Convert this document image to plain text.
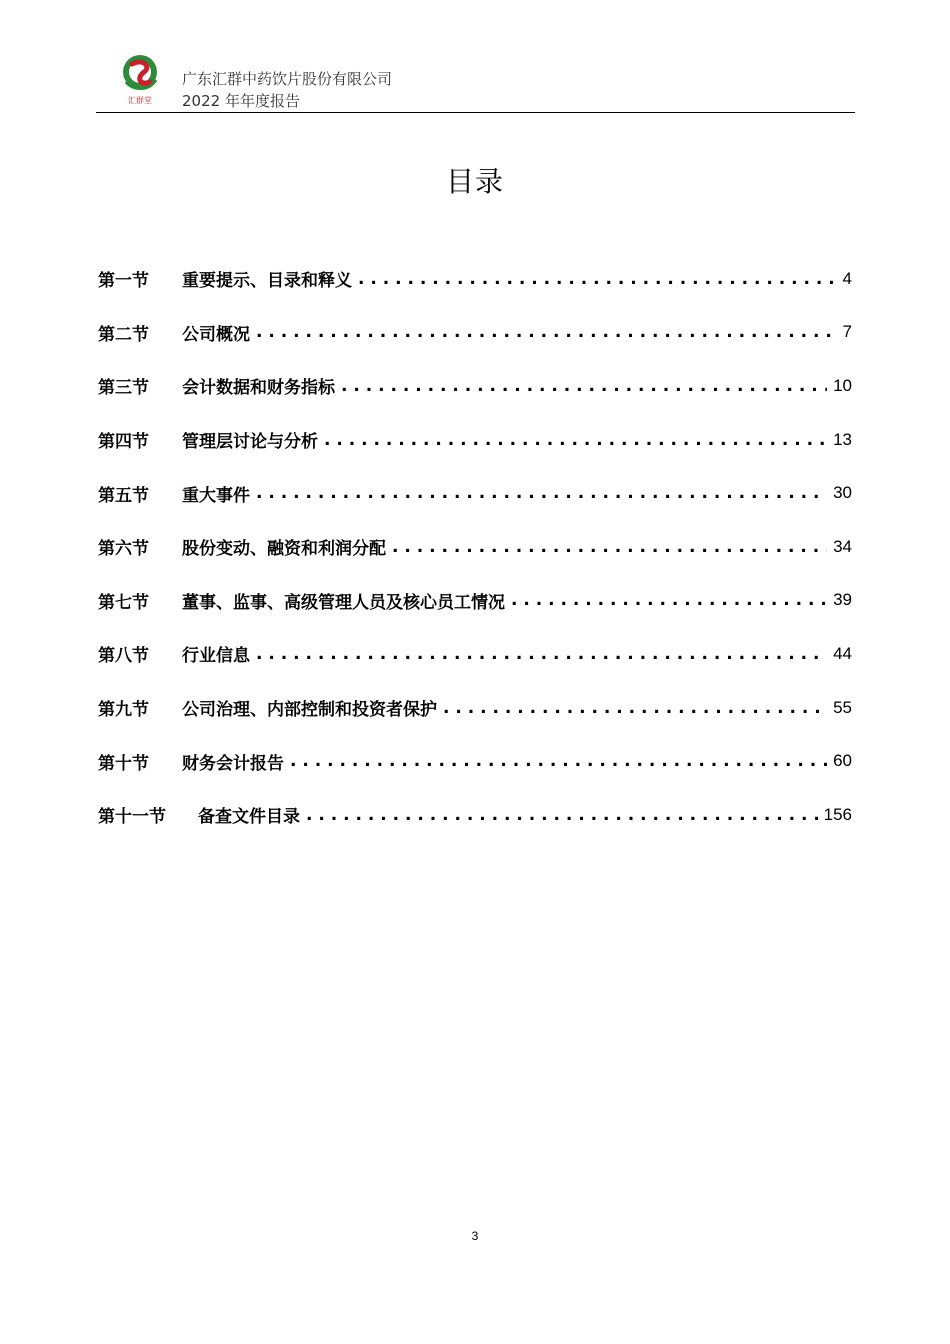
汇群堂
广东汇群中药饮片股份有限公司
2022 年年度报告
目录
第一节	重要提示、目录和释义 . . .	4
第二节	公司概况 . . .	7
第三节	会计数据和财务指标 . . .	10
第四节	管理层讨论与分析 . . .	13
第五节	重大事件 . . .	30
第六节	股份变动、融资和利润分配 . . .	34
第七节	董事、监事、高级管理人员及核心员工情况 . . .	39
第八节	行业信息 . . .	44
第九节	公司治理、内部控制和投资者保护 . . .	55
第十节	财务会计报告 . . .	60
第十一节	备查文件目录 . . .	156
3
